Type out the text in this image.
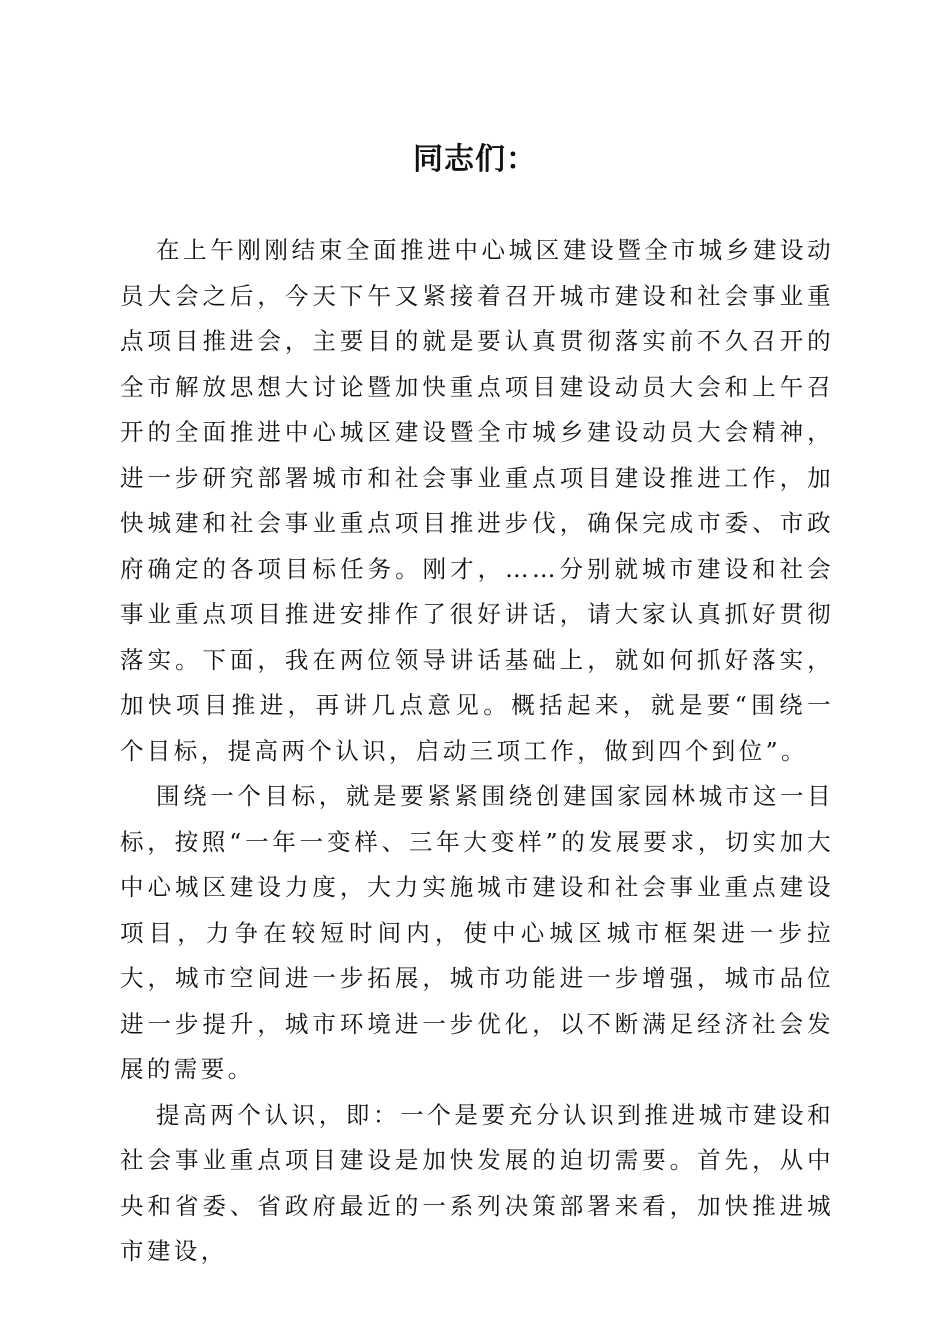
同志们：

在上午刚刚结束全面推进中心城区建设暨全市城乡建设动员大会之后，今天下午又紧接着召开城市建设和社会事业重点项目推进会，主要目的就是要认真贯彻落实前不久召开的全市解放思想大讨论暨加快重点项目建设动员大会和上午召开的全面推进中心城区建设暨全市城乡建设动员大会精神，进一步研究部署城市和社会事业重点项目建设推进工作，加快城建和社会事业重点项目推进步伐，确保完成市委、市政府确定的各项目标任务。刚才，……分别就城市建设和社会事业重点项目推进安排作了很好讲话，请大家认真抓好贯彻落实。下面，我在两位领导讲话基础上，就如何抓好落实，加快项目推进，再讲几点意见。概括起来，就是要“围绕一个目标，提高两个认识，启动三项工作，做到四个到位”。

围绕一个目标，就是要紧紧围绕创建国家园林城市这一目标，按照“一年一变样、三年大变样”的发展要求，切实加大中心城区建设力度，大力实施城市建设和社会事业重点建设项目，力争在较短时间内，使中心城区城市框架进一步拉大，城市空间进一步拓展，城市功能进一步增强，城市品位进一步提升，城市环境进一步优化，以不断满足经济社会发展的需要。

提高两个认识，即：一个是要充分认识到推进城市建设和社会事业重点项目建设是加快发展的迫切需要。首先，从中央和省委、省政府最近的一系列决策部署来看，加快推进城市建设，
